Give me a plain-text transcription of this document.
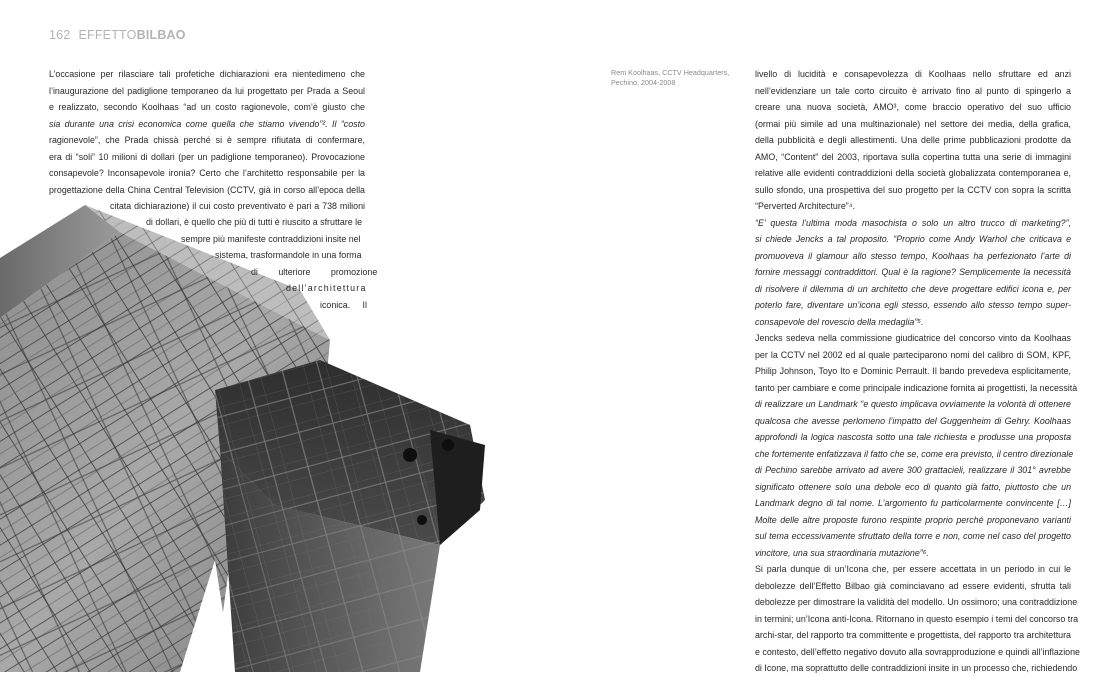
162 EFFETTOBILBAO

L’occasione per rilasciare tali profetiche dichiarazioni era nientedimeno che

l’inaugurazione del padiglione temporaneo da lui progettato per Prada a Seoul

e realizzato, secondo Koolhaas “ad un costo ragionevole, com’è giusto che

sia durante una crisi economica come quella che stiamo vivendo”². Il “costo

ragionevole”, che Prada chissà perché si è sempre rifiutata di confermare,

era di “soli” 10 milioni di dollari (per un padiglione temporaneo). Provocazione

consapevole? Inconsapevole ironia? Certo che l’architetto responsabile per la

progettazione della China Central Television (CCTV, già in corso all’epoca della

citata dichiarazione) il cui costo preventivato è pari a 738 milioni
di dollari, è quello che più di tutti è riuscito a sfruttare le
sempre più manifeste contraddizioni insite nel
sistema, trasformandole in una forma
di ulteriore promozione
dell’architettura
iconica. Il
Rem Koolhaas, CCTV Headquarters,
Pechino, 2004-2008

livello di lucidità e consapevolezza di Koolhaas nello sfruttare ed anzi

nell’evidenziare un tale corto circuito è arrivato fino al punto di spingerlo a

creare una nuova società, AMO³, come braccio operativo del suo ufficio

(ormai più simile ad una multinazionale) nel settore dei media, della grafica,

della pubblicità e degli allestimenti. Una delle prime pubblicazioni prodotte da

AMO, “Content” del 2003, riportava sulla copertina tutta una serie di immagini

relative alle evidenti contraddizioni della società globalizzata contemporanea e,

sullo sfondo, una prospettiva del suo progetto per la CCTV con sopra la scritta

“Perverted Architecture”⁴.

“E’ questa l’ultima moda masochista o solo un altro trucco di marketing?”,

si chiede Jencks a tal proposito. “Proprio come Andy Warhol che criticava e

promuoveva il glamour allo stesso tempo, Koolhaas ha perfezionato l’arte di

fornire messaggi contraddittori. Qual è la ragione? Semplicemente la necessità

di risolvere il dilemma di un architetto che deve progettare edifici icona e, per

poterlo fare, diventare un’icona egli stesso, essendo allo stesso tempo super-

consapevole del rovescio della medaglia”⁵.

Jencks sedeva nella commissione giudicatrice del concorso vinto da Koolhaas

per la CCTV nel 2002 ed al quale parteciparono nomi del calibro di SOM, KPF,

Philip Johnson, Toyo Ito e Dominic Perrault. Il bando prevedeva esplicitamente,

tanto per cambiare e come principale indicazione fornita ai progettisti, la necessità

di realizzare un Landmark “e questo implicava ovviamente la volontà di ottenere

qualcosa che avesse perlomeno l’impatto del Guggenheim di Gehry. Koolhaas

approfondì la logica nascosta sotto una tale richiesta e produsse una proposta

che fortemente enfatizzava il fatto che se, come era previsto, il centro direzionale

di Pechino sarebbe arrivato ad avere 300 grattacieli, realizzare il 301° avrebbe

significato ottenere solo una debole eco di quanto già fatto, piuttosto che un

Landmark degno di tal nome. L’argomento fu particolarmente convincente […]

Molte delle altre proposte furono respinte proprio perché proponevano varianti

sul tema eccessivamente sfruttato della torre e non, come nel caso del progetto

vincitore, una sua straordinaria mutazione”⁶.

Si parla dunque di un’Icona che, per essere accettata in un periodo in cui le

debolezze dell’Effetto Bilbao già cominciavano ad essere evidenti, sfrutta tali

debolezze per dimostrare la validità del modello. Un ossimoro; una contraddizione

in termini; un’Icona anti-Icona. Ritornano in questo esempio i temi del concorso tra

archi-star, del rapporto tra committente e progettista, del rapporto tra architettura

e contesto, dell’effetto negativo dovuto alla sovrapproduzione e quindi all’inflazione

di Icone, ma soprattutto delle contraddizioni insite in un processo che, richiedendo
